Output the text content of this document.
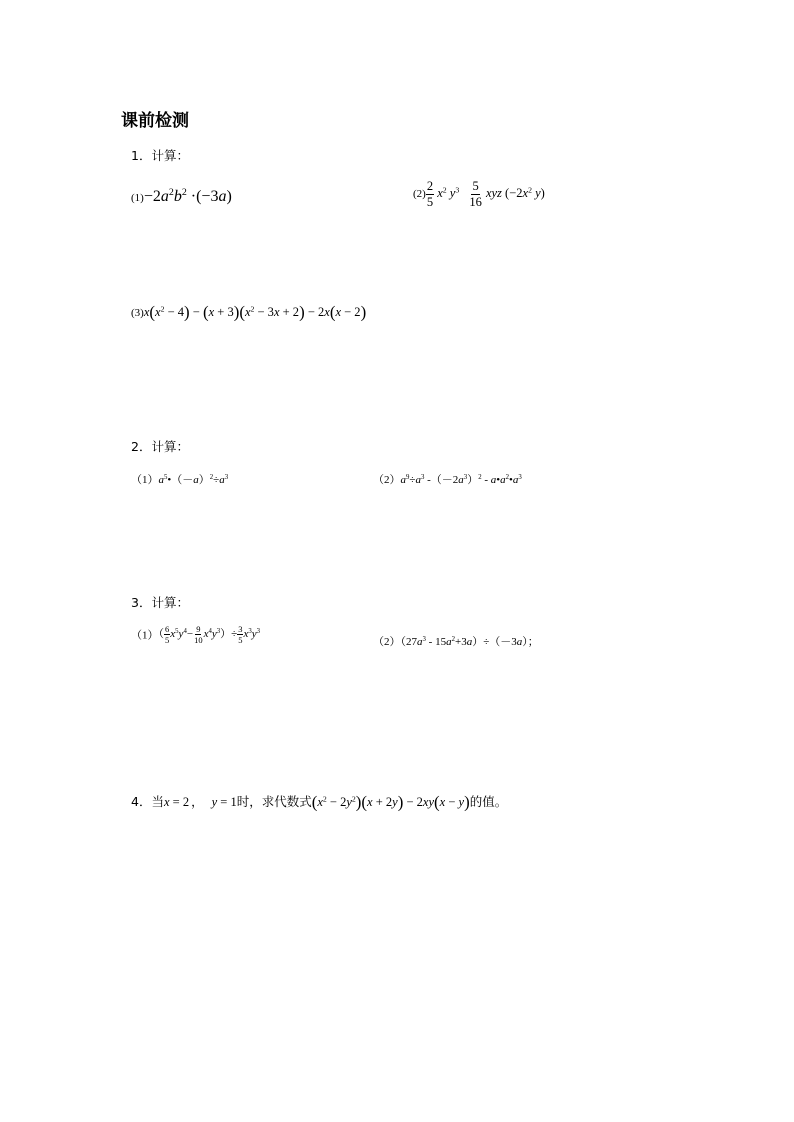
课前检测
1．计算：
$(1)-2a^2b^2 \cdot(-3a)$	$(2) \frac{2}{5} x^2$ $y^3 \frac{5}{16}$ xyz ($-2x^2$ y)
$(3)x(x^2 - 4) - (x + 3)(x^2 - 3x + 2) - 2x(x - 2)$
2．计算：
$(1)a^5•(-a)^2\div a^3$	$(2)a^9\div a^3$ $-(-2a^3)^2$ - $a•a^2•a^3$
3．计算：
$(1)( \frac{6}{5} x^5y^4- \frac{9}{10} x^4y^3)\div \frac{3}{5} x^3y^3$
$(2)(27a^3 - 15a^2+3a)\div(-3a)$；
4．当x = 2 ， y = 1时，求代数式$(x^2 - 2y^2)(x + 2y) - 2xy(x - y)$的值。
